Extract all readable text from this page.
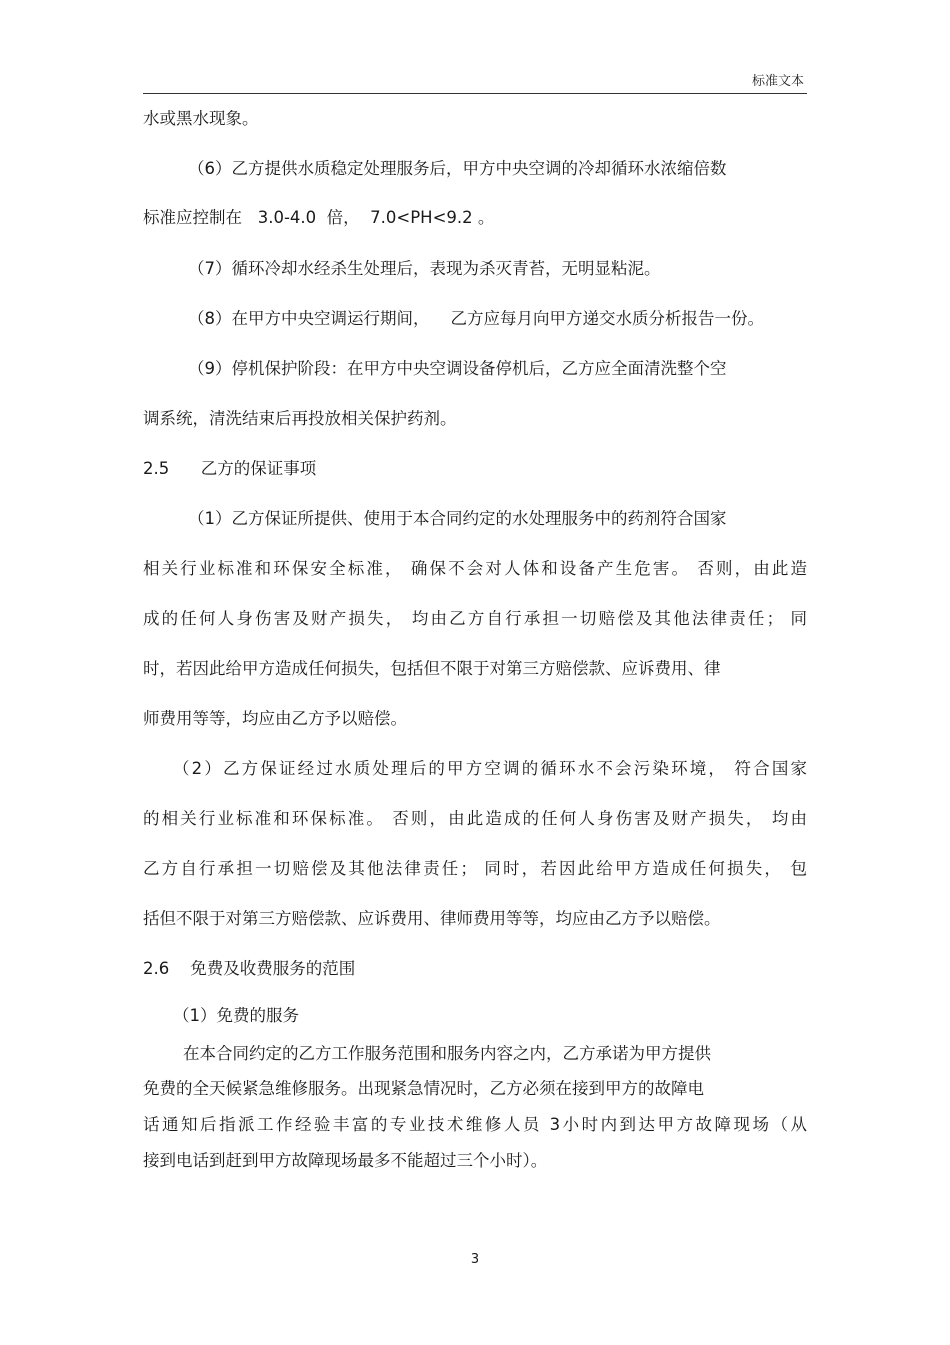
标准文本
水或黑水现象。
（6）乙方提供水质稳定处理服务后，甲方中央空调的冷却循环水浓缩倍数
标准应控制在   3.0-4.0  倍，  7.0<PH<9.2 。
（7）循环冷却水经杀生处理后，表现为杀灭青苔，无明显粘泥。
（8）在甲方中央空调运行期间，    乙方应每月向甲方递交水质分析报告一份。
（9）停机保护阶段：在甲方中央空调设备停机后，乙方应全面清洗整个空
调系统，清洗结束后再投放相关保护药剂。
2.5      乙方的保证事项
（1）乙方保证所提供、使用于本合同约定的水处理服务中的药剂符合国家
相关行业标准和环保安全标准， 确保不会对人体和设备产生危害。 否则，由此造
成的任何人身伤害及财产损失， 均由乙方自行承担一切赔偿及其他法律责任； 同
时，若因此给甲方造成任何损失，包括但不限于对第三方赔偿款、应诉费用、律
师费用等等，均应由乙方予以赔偿。
（2）乙方保证经过水质处理后的甲方空调的循环水不会污染环境， 符合国家
的相关行业标准和环保标准。 否则，由此造成的任何人身伤害及财产损失， 均由
乙方自行承担一切赔偿及其他法律责任； 同时，若因此给甲方造成任何损失， 包
括但不限于对第三方赔偿款、应诉费用、律师费用等等，均应由乙方予以赔偿。
2.6    免费及收费服务的范围
（1）免费的服务
在本合同约定的乙方工作服务范围和服务内容之内，乙方承诺为甲方提供
免费的全天候紧急维修服务。出现紧急情况时，乙方必须在接到甲方的故障电
话通知后指派工作经验丰富的专业技术维修人员 3小时内到达甲方故障现场（从
接到电话到赶到甲方故障现场最多不能超过三个小时）。
3
